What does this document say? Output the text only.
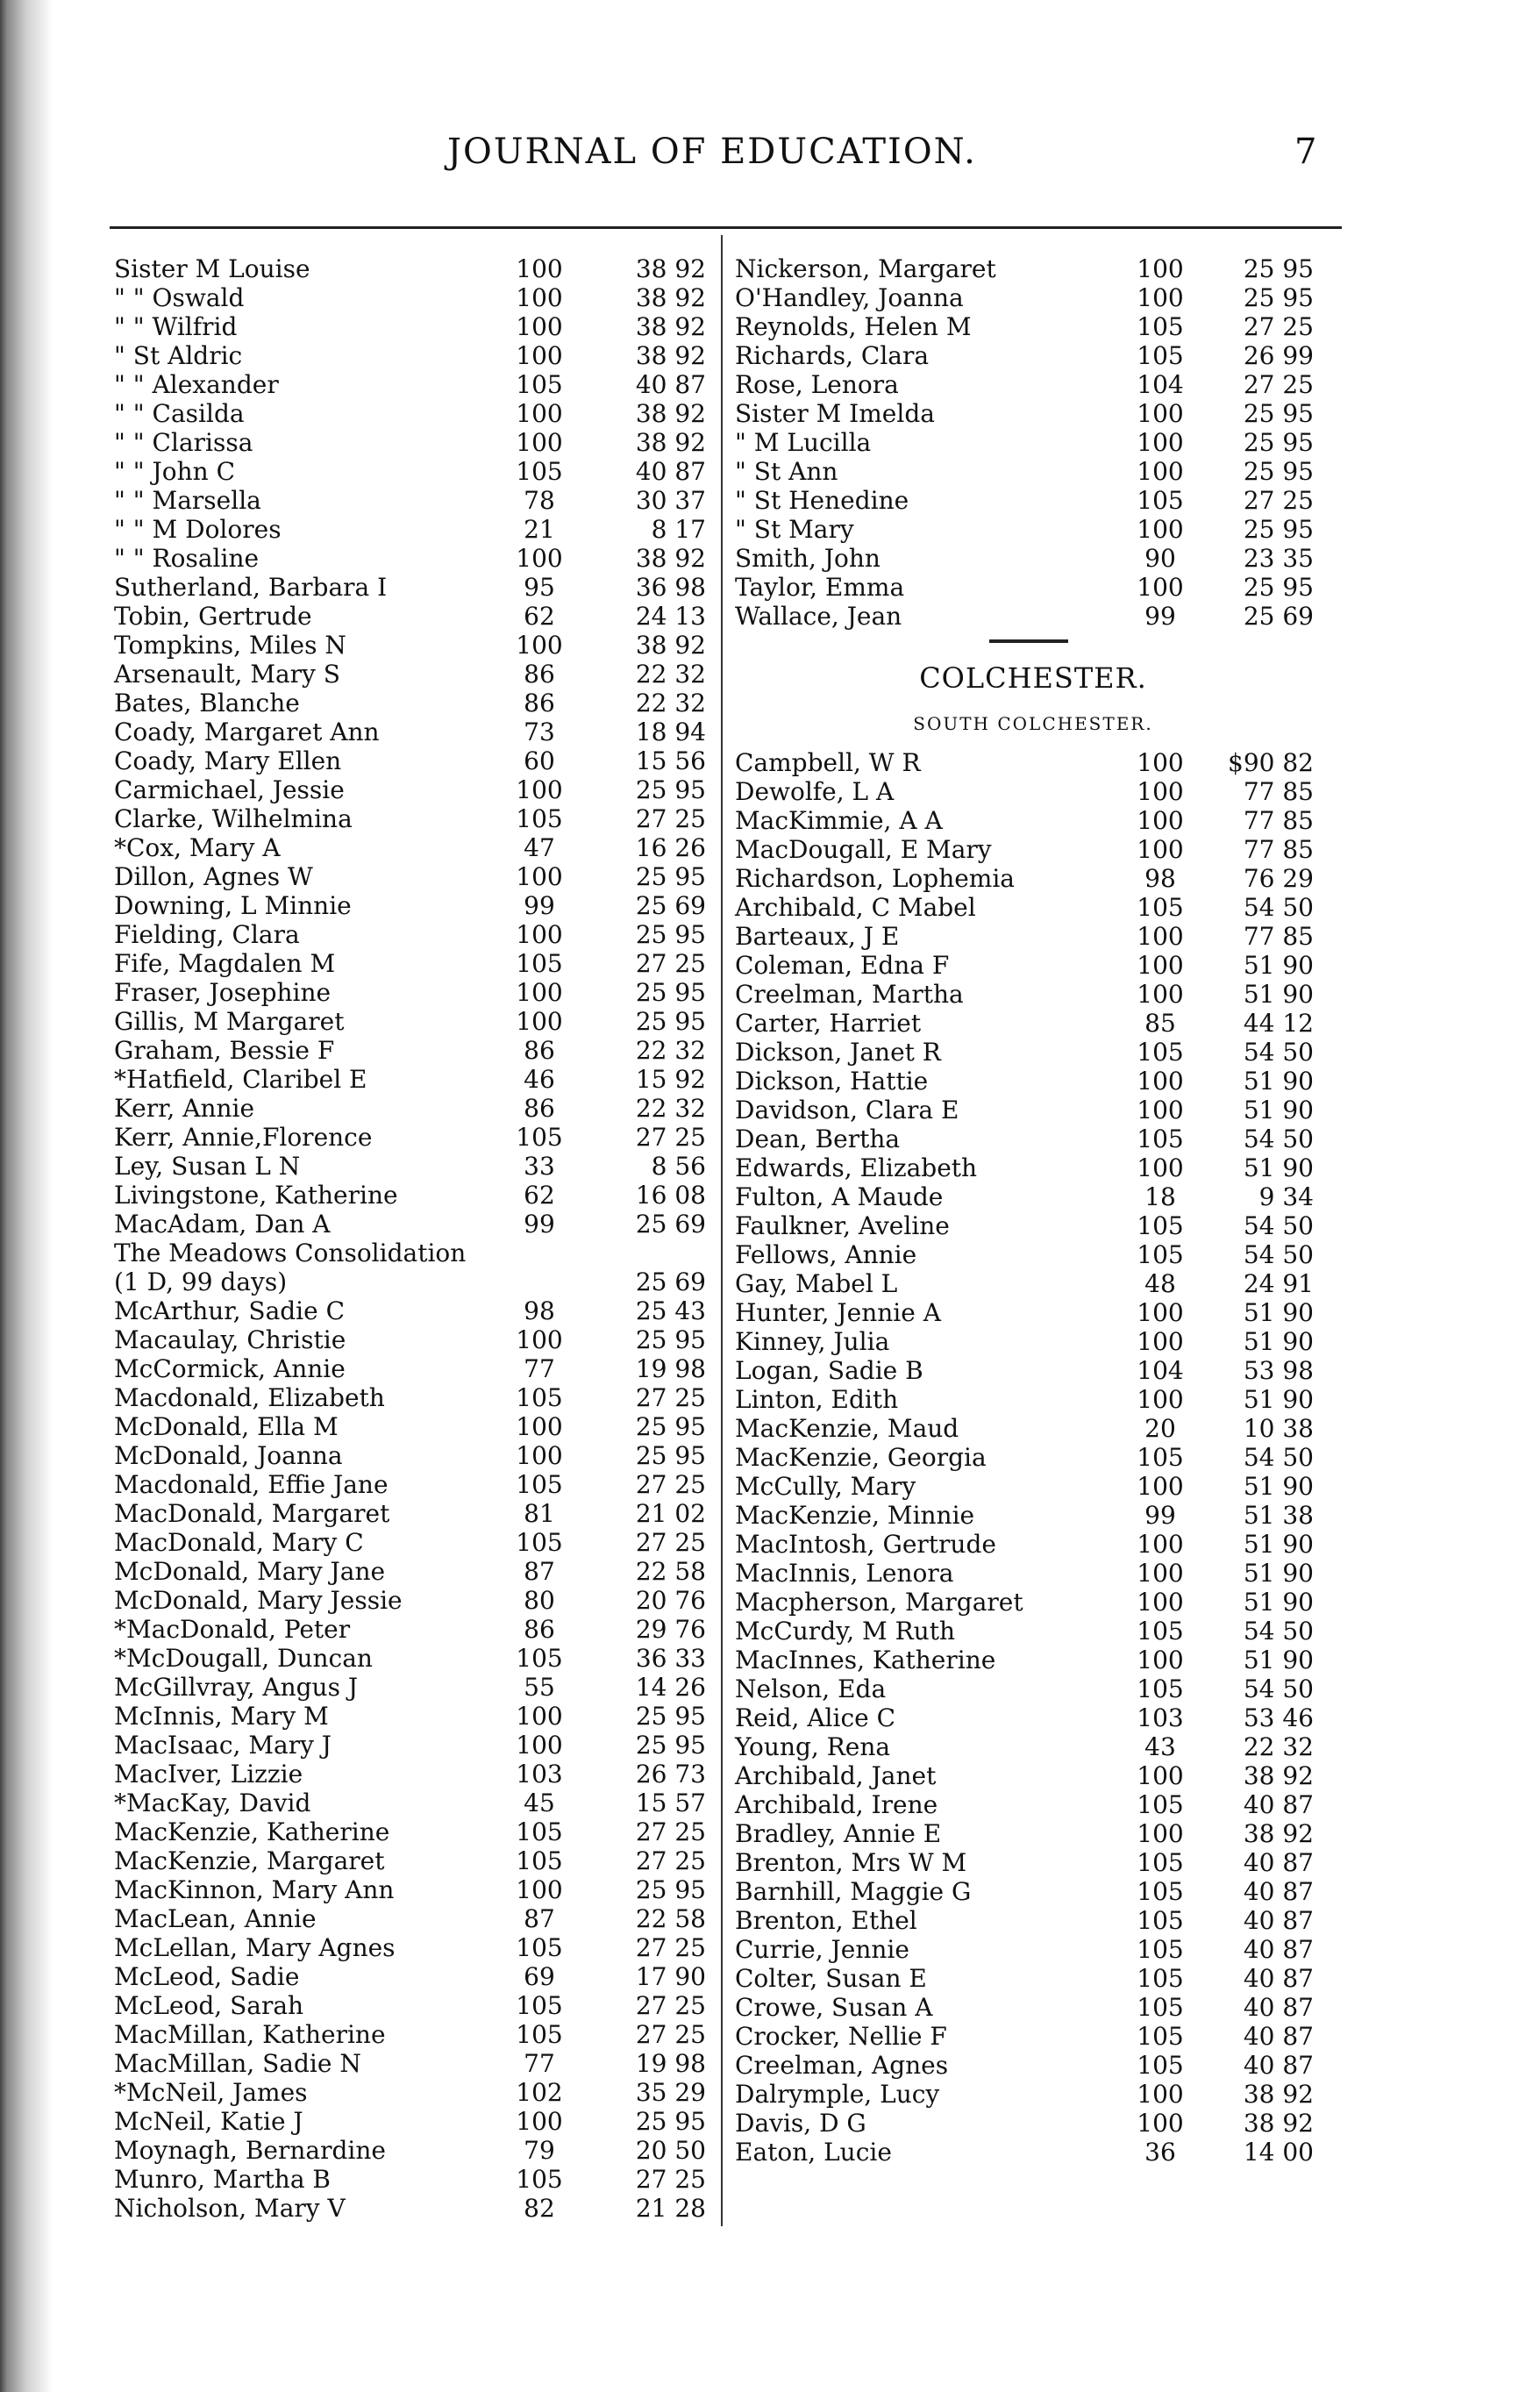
JOURNAL OF EDUCATION.	7
Sister M Louise	100	38 92
" " Oswald	100	38 92
" " Wilfrid	100	38 92
" St Aldric	100	38 92
" " Alexander	105	40 87
" " Casilda	100	38 92
" " Clarissa	100	38 92
" " John C	105	40 87
" " Marsella	78	30 37
" " M Dolores	21	8 17
" " Rosaline	100	38 92
Sutherland, Barbara I	95	36 98
Tobin, Gertrude	62	24 13
Tompkins, Miles N	100	38 92
Arsenault, Mary S	86	22 32
Bates, Blanche	86	22 32
Coady, Margaret Ann	73	18 94
Coady, Mary Ellen	60	15 56
Carmichael, Jessie	100	25 95
Clarke, Wilhelmina	105	27 25
*Cox, Mary A	47	16 26
Dillon, Agnes W	100	25 95
Downing, L Minnie	99	25 69
Fielding, Clara	100	25 95
Fife, Magdalen M	105	27 25
Fraser, Josephine	100	25 95
Gillis, M Margaret	100	25 95
Graham, Bessie F	86	22 32
*Hatfield, Claribel E	46	15 92
Kerr, Annie	86	22 32
Kerr, Annie,Florence	105	27 25
Ley, Susan L N	33	8 56
Livingstone, Katherine	62	16 08
MacAdam, Dan A	99	25 69
The Meadows Consolidation
(1 D, 99 days)	25 69
McArthur, Sadie C	98	25 43
Macaulay, Christie	100	25 95
McCormick, Annie	77	19 98
Macdonald, Elizabeth	105	27 25
McDonald, Ella M	100	25 95
McDonald, Joanna	100	25 95
Macdonald, Effie Jane	105	27 25
MacDonald, Margaret	81	21 02
MacDonald, Mary C	105	27 25
McDonald, Mary Jane	87	22 58
McDonald, Mary Jessie	80	20 76
*MacDonald, Peter	86	29 76
*McDougall, Duncan	105	36 33
McGillvray, Angus J	55	14 26
McInnis, Mary M	100	25 95
MacIsaac, Mary J	100	25 95
MacIver, Lizzie	103	26 73
*MacKay, David	45	15 57
MacKenzie, Katherine	105	27 25
MacKenzie, Margaret	105	27 25
MacKinnon, Mary Ann	100	25 95
MacLean, Annie	87	22 58
McLellan, Mary Agnes	105	27 25
McLeod, Sadie	69	17 90
McLeod, Sarah	105	27 25
MacMillan, Katherine	105	27 25
MacMillan, Sadie N	77	19 98
*McNeil, James	102	35 29
McNeil, Katie J	100	25 95
Moynagh, Bernardine	79	20 50
Munro, Martha B	105	27 25
Nicholson, Mary V	82	21 28
Nickerson, Margaret	100	25 95
O'Handley, Joanna	100	25 95
Reynolds, Helen M	105	27 25
Richards, Clara	105	26 99
Rose, Lenora	104	27 25
Sister M Imelda	100	25 95
" M Lucilla	100	25 95
" St Ann	100	25 95
" St Henedine	105	27 25
" St Mary	100	25 95
Smith, John	90	23 35
Taylor, Emma	100	25 95
Wallace, Jean	99	25 69
COLCHESTER.
SOUTH COLCHESTER.
Campbell, W R	100	$90 82
Dewolfe, L A	100	77 85
MacKimmie, A A	100	77 85
MacDougall, E Mary	100	77 85
Richardson, Lophemia	98	76 29
Archibald, C Mabel	105	54 50
Barteaux, J E	100	77 85
Coleman, Edna F	100	51 90
Creelman, Martha	100	51 90
Carter, Harriet	85	44 12
Dickson, Janet R	105	54 50
Dickson, Hattie	100	51 90
Davidson, Clara E	100	51 90
Dean, Bertha	105	54 50
Edwards, Elizabeth	100	51 90
Fulton, A Maude	18	9 34
Faulkner, Aveline	105	54 50
Fellows, Annie	105	54 50
Gay, Mabel L	48	24 91
Hunter, Jennie A	100	51 90
Kinney, Julia	100	51 90
Logan, Sadie B	104	53 98
Linton, Edith	100	51 90
MacKenzie, Maud	20	10 38
MacKenzie, Georgia	105	54 50
McCully, Mary	100	51 90
MacKenzie, Minnie	99	51 38
MacIntosh, Gertrude	100	51 90
MacInnis, Lenora	100	51 90
Macpherson, Margaret	100	51 90
McCurdy, M Ruth	105	54 50
MacInnes, Katherine	100	51 90
Nelson, Eda	105	54 50
Reid, Alice C	103	53 46
Young, Rena	43	22 32
Archibald, Janet	100	38 92
Archibald, Irene	105	40 87
Bradley, Annie E	100	38 92
Brenton, Mrs W M	105	40 87
Barnhill, Maggie G	105	40 87
Brenton, Ethel	105	40 87
Currie, Jennie	105	40 87
Colter, Susan E	105	40 87
Crowe, Susan A	105	40 87
Crocker, Nellie F	105	40 87
Creelman, Agnes	105	40 87
Dalrymple, Lucy	100	38 92
Davis, D G	100	38 92
Eaton, Lucie	36	14 00
